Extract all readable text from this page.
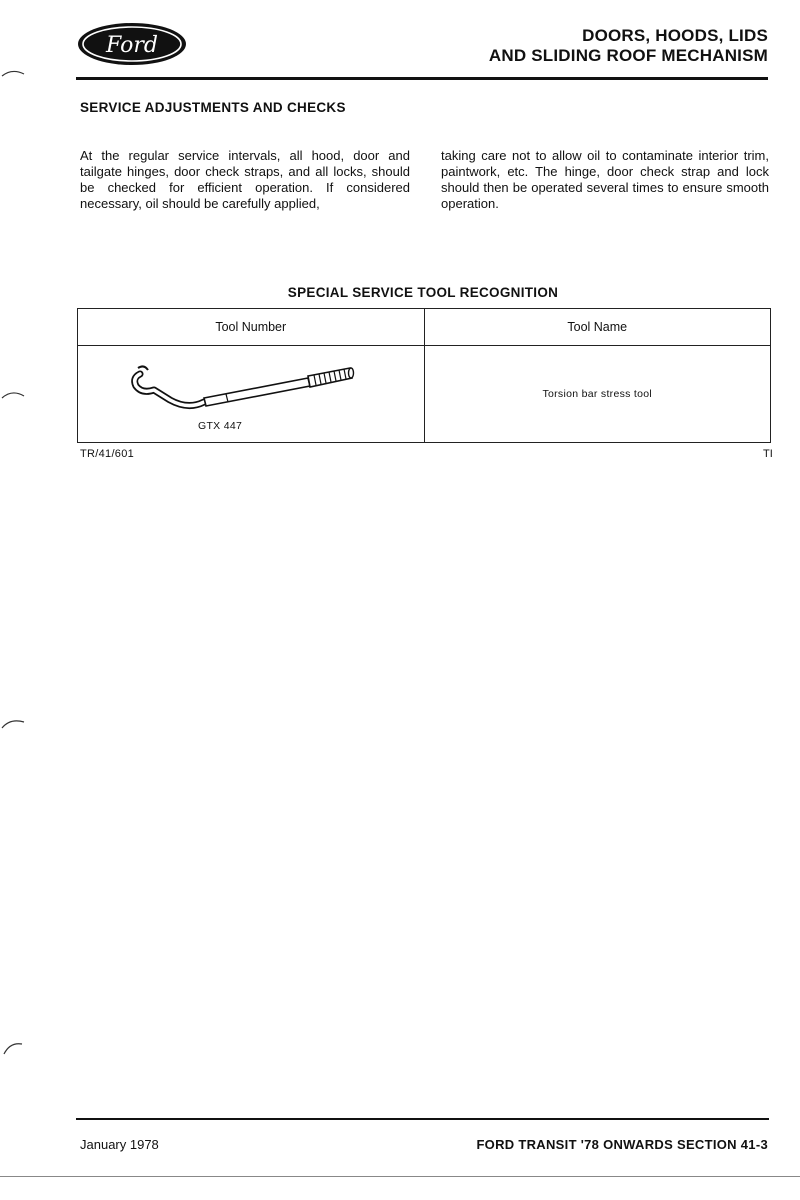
Ford	DOORS, HOODS, LIDS
AND SLIDING ROOF MECHANISM
SERVICE ADJUSTMENTS AND CHECKS
At the regular service intervals, all hood, door and tailgate hinges, door check straps, and all locks, should be checked for efficient operation. If considered necessary, oil should be carefully applied,
taking care not to allow oil to contaminate interior trim, paintwork, etc. The hinge, door check strap and lock should then be operated several times to ensure smooth operation.
SPECIAL SERVICE TOOL RECOGNITION
Tool Number	Tool Name

GTX 447	Torsion bar stress tool
TR/41/601	TI
January 1978	FORD TRANSIT '78 ONWARDS SECTION 41-3
